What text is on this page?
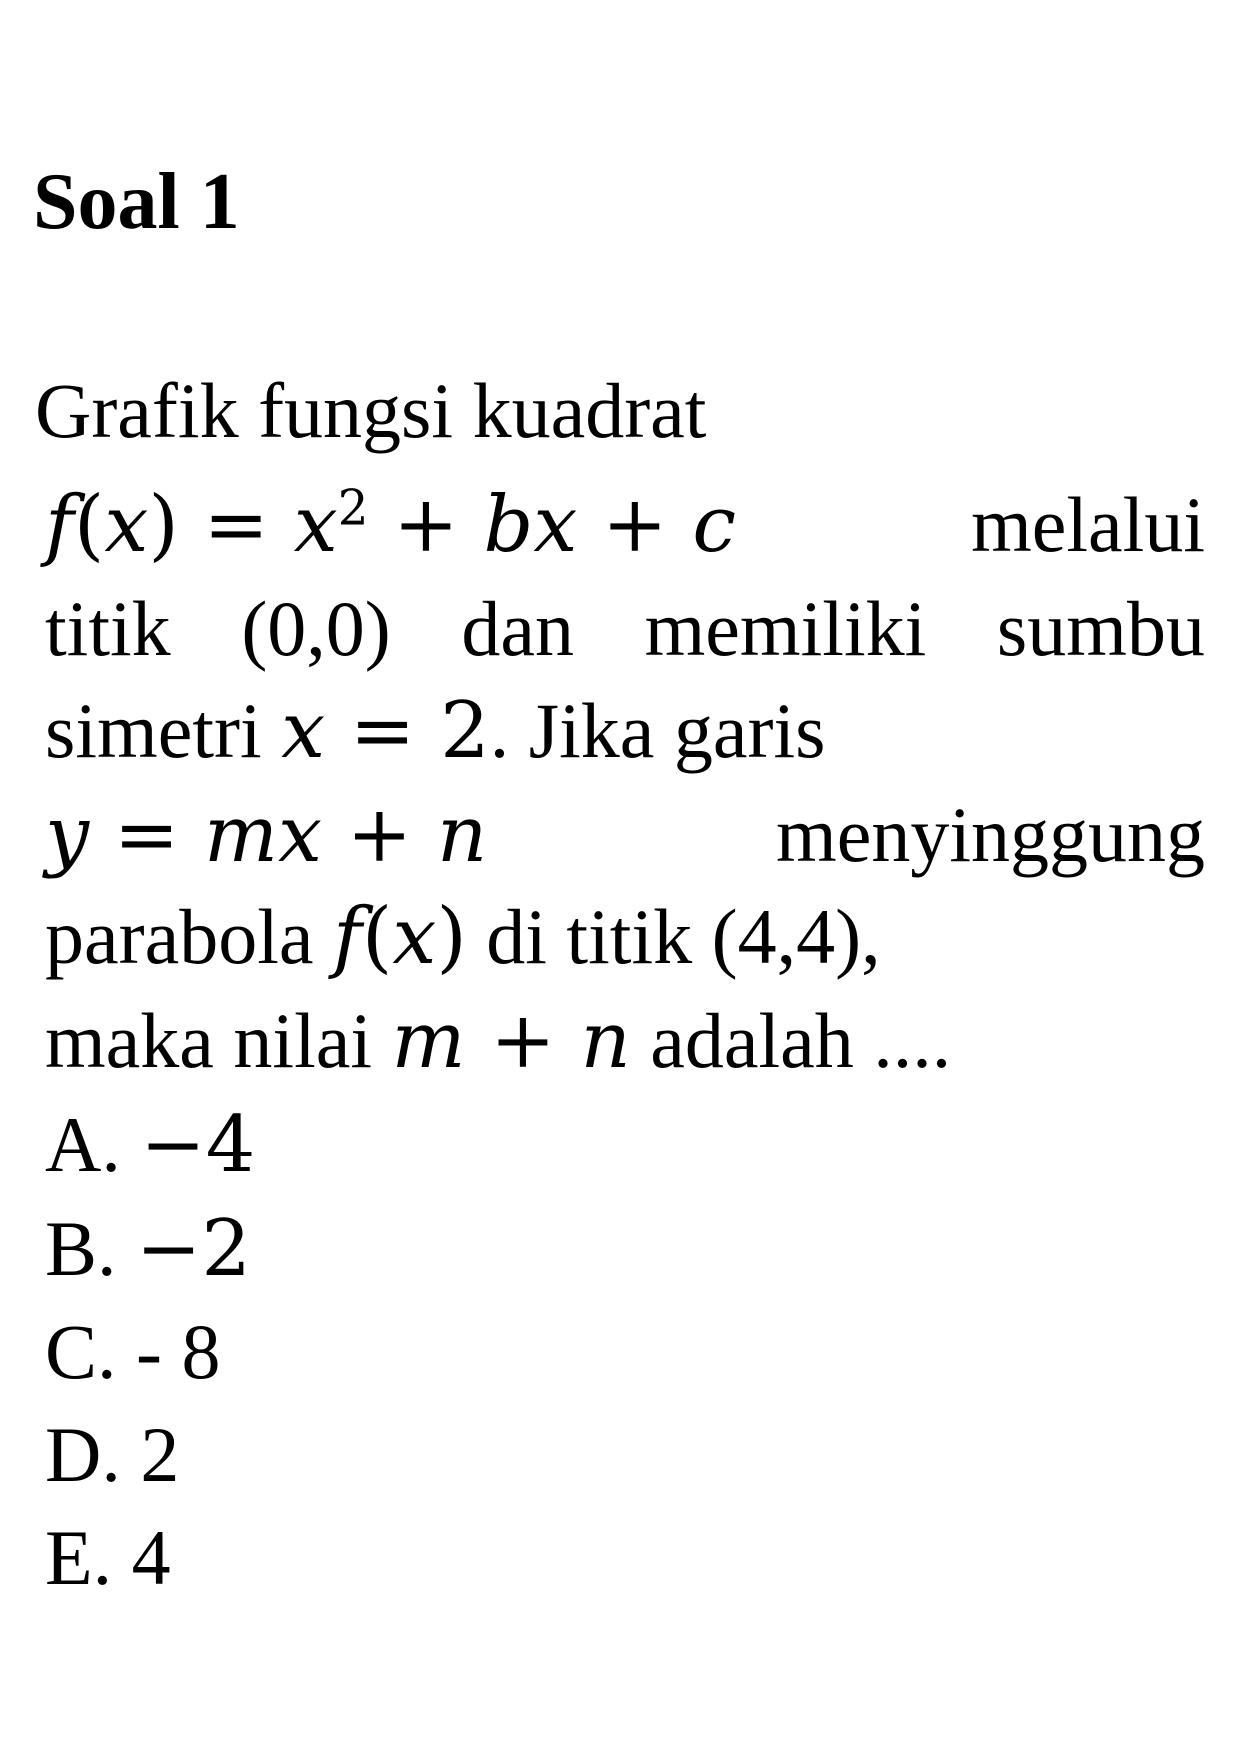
Soal 1
Grafik fungsi kuadrat
$f(x) = x^2$ + bx + c	melalui
titik (0,0) dan memiliki sumbu
simetri x = 2. Jika garis
y = mx + n	menyinggung
parabola f(x) di titik (4,4),
maka nilai m + n adalah ....
A. −4
B. −2
C. - 8
D. 2
E. 4
